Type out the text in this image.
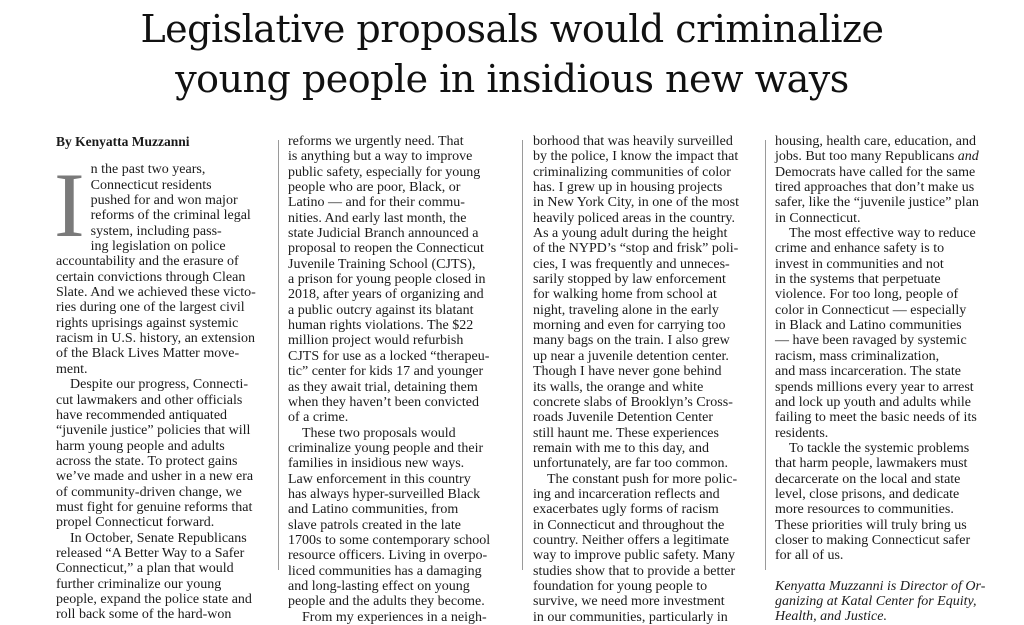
Legislative proposals would criminalize
young people in insidious new ways
By Kenyatta Muzzanni
I n the past two years,
Connecticut residents
pushed for and won major
reforms of the criminal legal
system, including pass-
ing legislation on police
accountability and the erasure of
certain convictions through Clean
Slate. And we achieved these victo-
ries during one of the largest civil
rights uprisings against systemic
racism in U.S. history, an extension
of the Black Lives Matter move-
ment.
Despite our progress, Connecti-
cut lawmakers and other officials
have recommended antiquated
“juvenile justice” policies that will
harm young people and adults
across the state. To protect gains
we’ve made and usher in a new era
of community-driven change, we
must fight for genuine reforms that
propel Connecticut forward.
In October, Senate Republicans
released “A Better Way to a Safer
Connecticut,” a plan that would
further criminalize our young
people, expand the police state and
roll back some of the hard-won
reforms we urgently need. That
is anything but a way to improve
public safety, especially for young
people who are poor, Black, or
Latino — and for their commu-
nities. And early last month, the
state Judicial Branch announced a
proposal to reopen the Connecticut
Juvenile Training School (CJTS),
a prison for young people closed in
2018, after years of organizing and
a public outcry against its blatant
human rights violations. The $22
million project would refurbish
CJTS for use as a locked “therapeu-
tic” center for kids 17 and younger
as they await trial, detaining them
when they haven’t been convicted
of a crime.
These two proposals would
criminalize young people and their
families in insidious new ways.
Law enforcement in this country
has always hyper-surveilled Black
and Latino communities, from
slave patrols created in the late
1700s to some contemporary school
resource officers. Living in overpo-
liced communities has a damaging
and long-lasting effect on young
people and the adults they become.
From my experiences in a neigh-
borhood that was heavily surveilled
by the police, I know the impact that
criminalizing communities of color
has. I grew up in housing projects
in New York City, in one of the most
heavily policed areas in the country.
As a young adult during the height
of the NYPD’s “stop and frisk” poli-
cies, I was frequently and unneces-
sarily stopped by law enforcement
for walking home from school at
night, traveling alone in the early
morning and even for carrying too
many bags on the train. I also grew
up near a juvenile detention center.
Though I have never gone behind
its walls, the orange and white
concrete slabs of Brooklyn’s Cross-
roads Juvenile Detention Center
still haunt me. These experiences
remain with me to this day, and
unfortunately, are far too common.
The constant push for more polic-
ing and incarceration reflects and
exacerbates ugly forms of racism
in Connecticut and throughout the
country. Neither offers a legitimate
way to improve public safety. Many
studies show that to provide a better
foundation for young people to
survive, we need more investment
in our communities, particularly in
housing, health care, education, and
jobs. But too many Republicans and
Democrats have called for the same
tired approaches that don’t make us
safer, like the “juvenile justice” plan
in Connecticut.
The most effective way to reduce
crime and enhance safety is to
invest in communities and not
in the systems that perpetuate
violence. For too long, people of
color in Connecticut — especially
in Black and Latino communities
— have been ravaged by systemic
racism, mass criminalization,
and mass incarceration. The state
spends millions every year to arrest
and lock up youth and adults while
failing to meet the basic needs of its
residents.
To tackle the systemic problems
that harm people, lawmakers must
decarcerate on the local and state
level, close prisons, and dedicate
more resources to communities.
These priorities will truly bring us
closer to making Connecticut safer
for all of us.
Kenyatta Muzzanni is Director of Or-
ganizing at Katal Center for Equity,
Health, and Justice.
